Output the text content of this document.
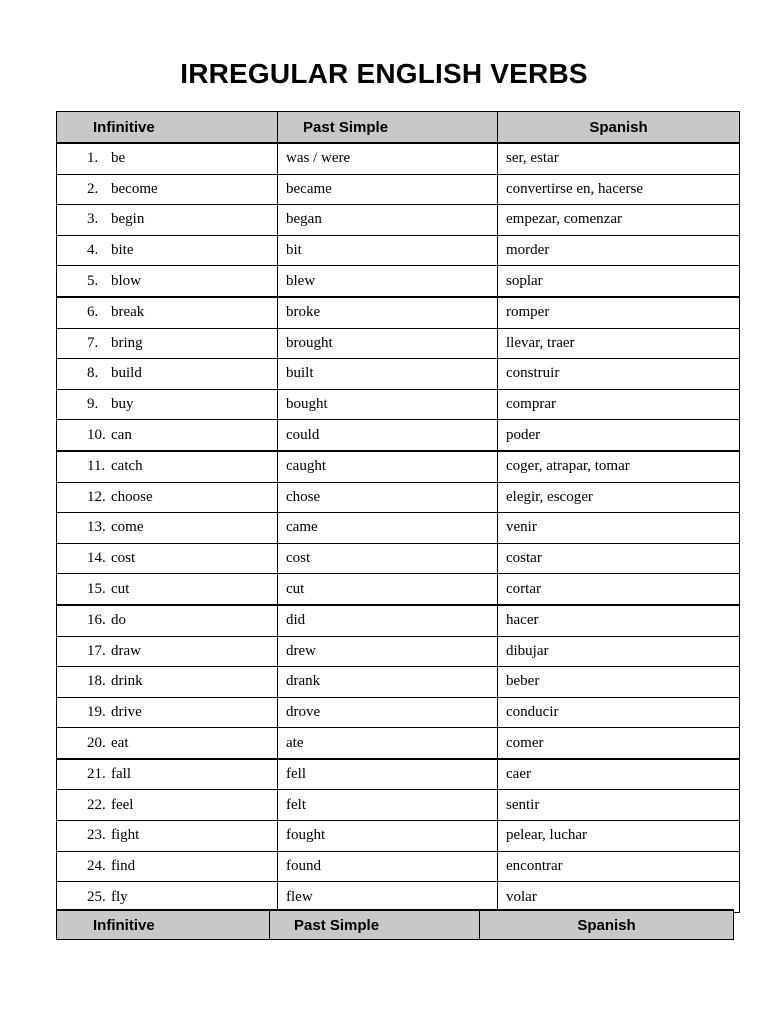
IRREGULAR ENGLISH VERBS
Infinitive	Past Simple	Spanish
1. be	was / were	ser, estar
2. become	became	convertirse en, hacerse
3. begin	began	empezar, comenzar
4. bite	bit	morder
5. blow	blew	soplar
6. break	broke	romper
7. bring	brought	llevar, traer
8. build	built	construir
9. buy	bought	comprar
10. can	could	poder
11. catch	caught	coger, atrapar, tomar
12. choose	chose	elegir, escoger
13. come	came	venir
14. cost	cost	costar
15. cut	cut	cortar
16. do	did	hacer
17. draw	drew	dibujar
18. drink	drank	beber
19. drive	drove	conducir
20. eat	ate	comer
21. fall	fell	caer
22. feel	felt	sentir
23. fight	fought	pelear, luchar
24. find	found	encontrar
25. fly	flew	volar
Infinitive	Past Simple	Spanish
